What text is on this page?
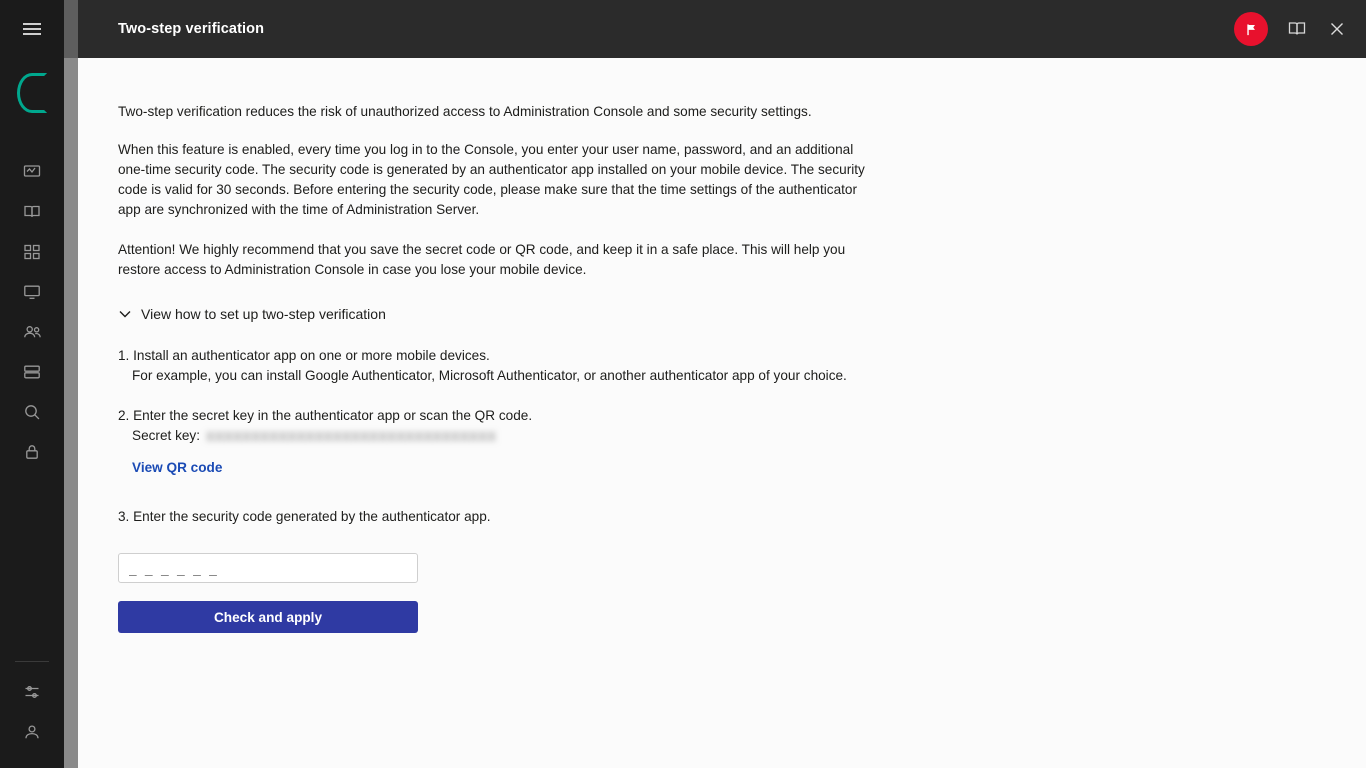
Two-step verification

Two-step verification reduces the risk of unauthorized access to Administration Console and some security settings.

When this feature is enabled, every time you log in to the Console, you enter your user name, password, and an additional one-time security code. The security code is generated by an authenticator app installed on your mobile device. The security code is valid for 30 seconds. Before entering the security code, please make sure that the time settings of the authenticator app are synchronized with the time of Administration Server.

Attention! We highly recommend that you save the secret code or QR code, and keep it in a safe place. This will help you restore access to Administration Console in case you lose your mobile device.

View how to set up two-step verification
1. Install an authenticator app on one or more mobile devices.
For example, you can install Google Authenticator, Microsoft Authenticator, or another authenticator app of your choice.
2. Enter the secret key in the authenticator app or scan the QR code.
Secret key: XXXXXXXXXXXXXXXXXXXXXXXXXXXXXXXX
View QR code
3. Enter the security code generated by the authenticator app.
_ _ _ _ _ _
Check and apply
